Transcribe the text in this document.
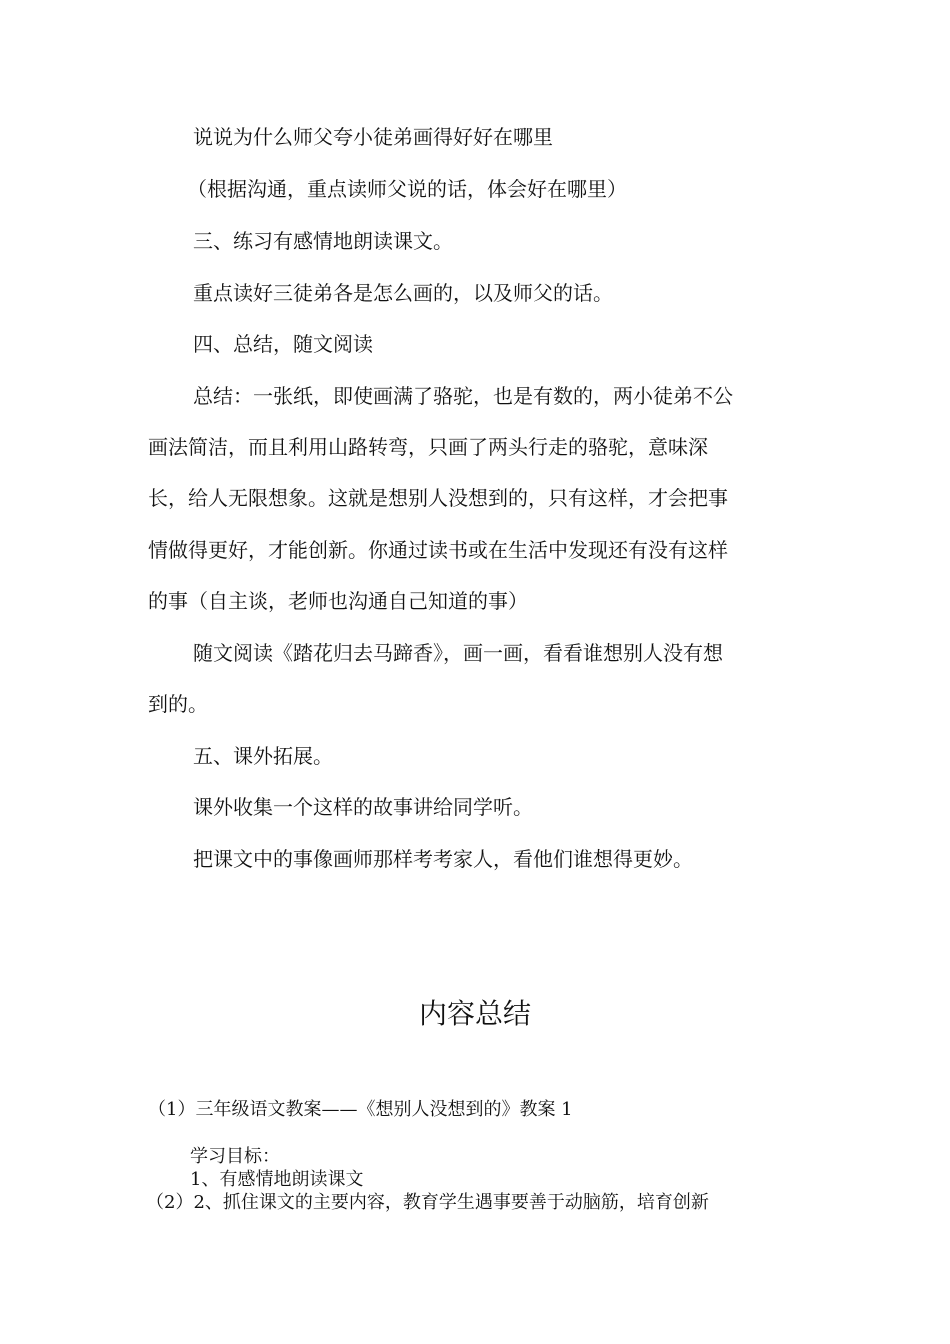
说说为什么师父夸小徒弟画得好好在哪里

（根据沟通，重点读师父说的话，体会好在哪里）

三、练习有感情地朗读课文。

重点读好三徒弟各是怎么画的，以及师父的话。

四、总结，随文阅读

总结：一张纸，即使画满了骆驼，也是有数的，两小徒弟不公

画法简洁，而且利用山路转弯，只画了两头行走的骆驼，意味深

长，给人无限想象。这就是想别人没想到的，只有这样，才会把事

情做得更好，才能创新。你通过读书或在生活中发现还有没有这样

的事（自主谈，老师也沟通自己知道的事）

随文阅读《踏花归去马蹄香》，画一画，看看谁想别人没有想

到的。

五、课外拓展。

课外收集一个这样的故事讲给同学听。

把课文中的事像画师那样考考家人，看他们谁想得更妙。

内容总结

（1）三年级语文教案——《想别人没想到的》教案 1

学习目标：

1、有感情地朗读课文

（2）2、抓住课文的主要内容，教育学生遇事要善于动脑筋，培育创新
